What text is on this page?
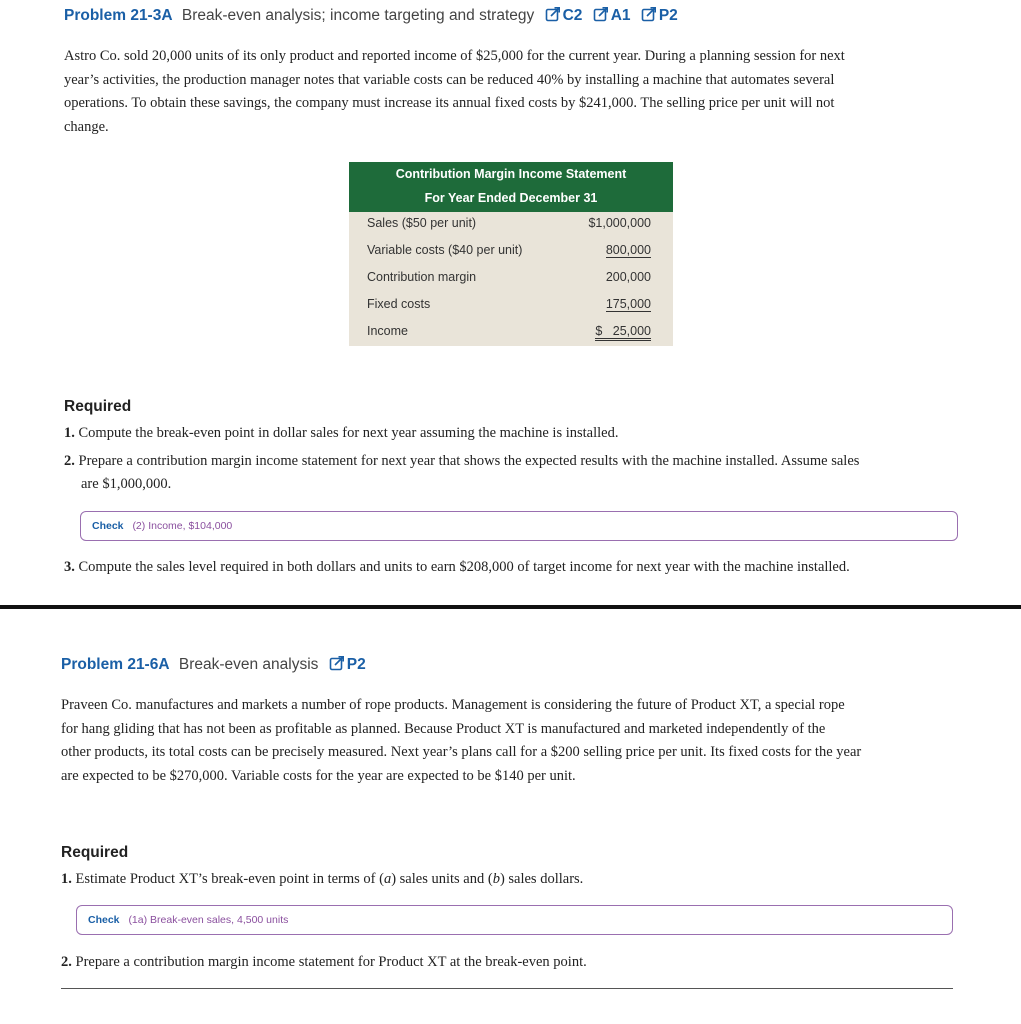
Problem 21-3A Break-even analysis; income targeting and strategy C2 A1 P2
Astro Co. sold 20,000 units of its only product and reported income of $25,000 for the current year. During a planning session for next
year’s activities, the production manager notes that variable costs can be reduced 40% by installing a machine that automates several
operations. To obtain these savings, the company must increase its annual fixed costs by $241,000. The selling price per unit will not
change.
Contribution Margin Income Statement
For Year Ended December 31
Sales ($50 per unit)	$1,000,000
Variable costs ($40 per unit)	800,000
Contribution margin	200,000
Fixed costs	175,000
Income	$   25,000
Required
1. Compute the break-even point in dollar sales for next year assuming the machine is installed.
2. Prepare a contribution margin income statement for next year that shows the expected results with the machine installed. Assume sales
are $1,000,000.
Check (2) Income, $104,000
3. Compute the sales level required in both dollars and units to earn $208,000 of target income for next year with the machine installed.
Problem 21-6A Break-even analysis P2
Praveen Co. manufactures and markets a number of rope products. Management is considering the future of Product XT, a special rope
for hang gliding that has not been as profitable as planned. Because Product XT is manufactured and marketed independently of the
other products, its total costs can be precisely measured. Next year’s plans call for a $200 selling price per unit. Its fixed costs for the year
are expected to be $270,000. Variable costs for the year are expected to be $140 per unit.
Required
1. Estimate Product XT’s break-even point in terms of (a) sales units and (b) sales dollars.
Check (1a) Break-even sales, 4,500 units
2. Prepare a contribution margin income statement for Product XT at the break-even point.
